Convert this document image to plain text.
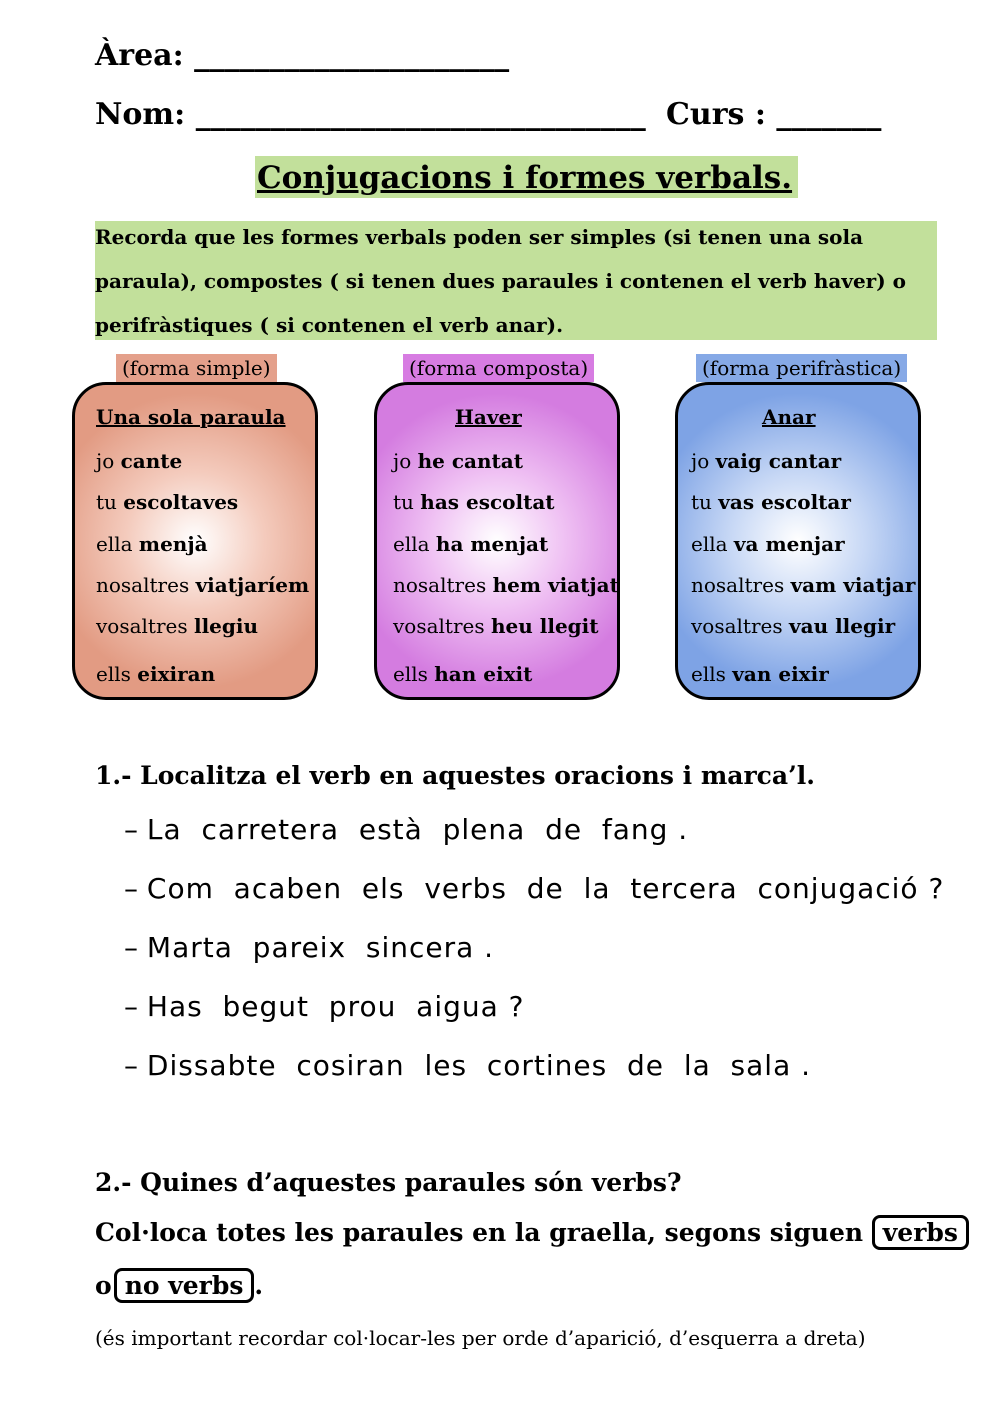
Àrea: _____________________
Nom: ______________________________ Curs : _______
Conjugacions i formes verbals.
Recorda que les formes verbals poden ser simples (si tenen una sola
paraula), compostes ( si tenen dues paraules i contenen el verb haver) o
perifràstiques ( si contenen el verb anar).
(forma simple)	(forma composta)	(forma perifràstica)
Una sola paraula
jo cante
tu escoltaves
ella menjà
nosaltres viatjaríem
vosaltres llegiu
ells eixiran
Haver
jo he cantat
tu has escoltat
ella ha menjat
nosaltres hem viatjat
vosaltres heu llegit
ells han eixit
Anar
jo vaig cantar
tu vas escoltar
ella va menjar
nosaltres vam viatjar
vosaltres vau llegir
ells van eixir
1.- Localitza el verb en aquestes oracions i marca’l.
– La  carretera  està  plena  de  fang .
– Com  acaben  els  verbs  de  la  tercera  conjugació ?
– Marta  pareix  sincera .
– Has  begut  prou  aigua ?
– Dissabte  cosiran  les  cortines  de  la  sala .
2.- Quines d’aquestes paraules són verbs?
Col·loca totes les paraules en la graella, segons siguen verbs
o no verbs .
(és important recordar col·locar-les per orde d’aparició, d’esquerra a dreta)
